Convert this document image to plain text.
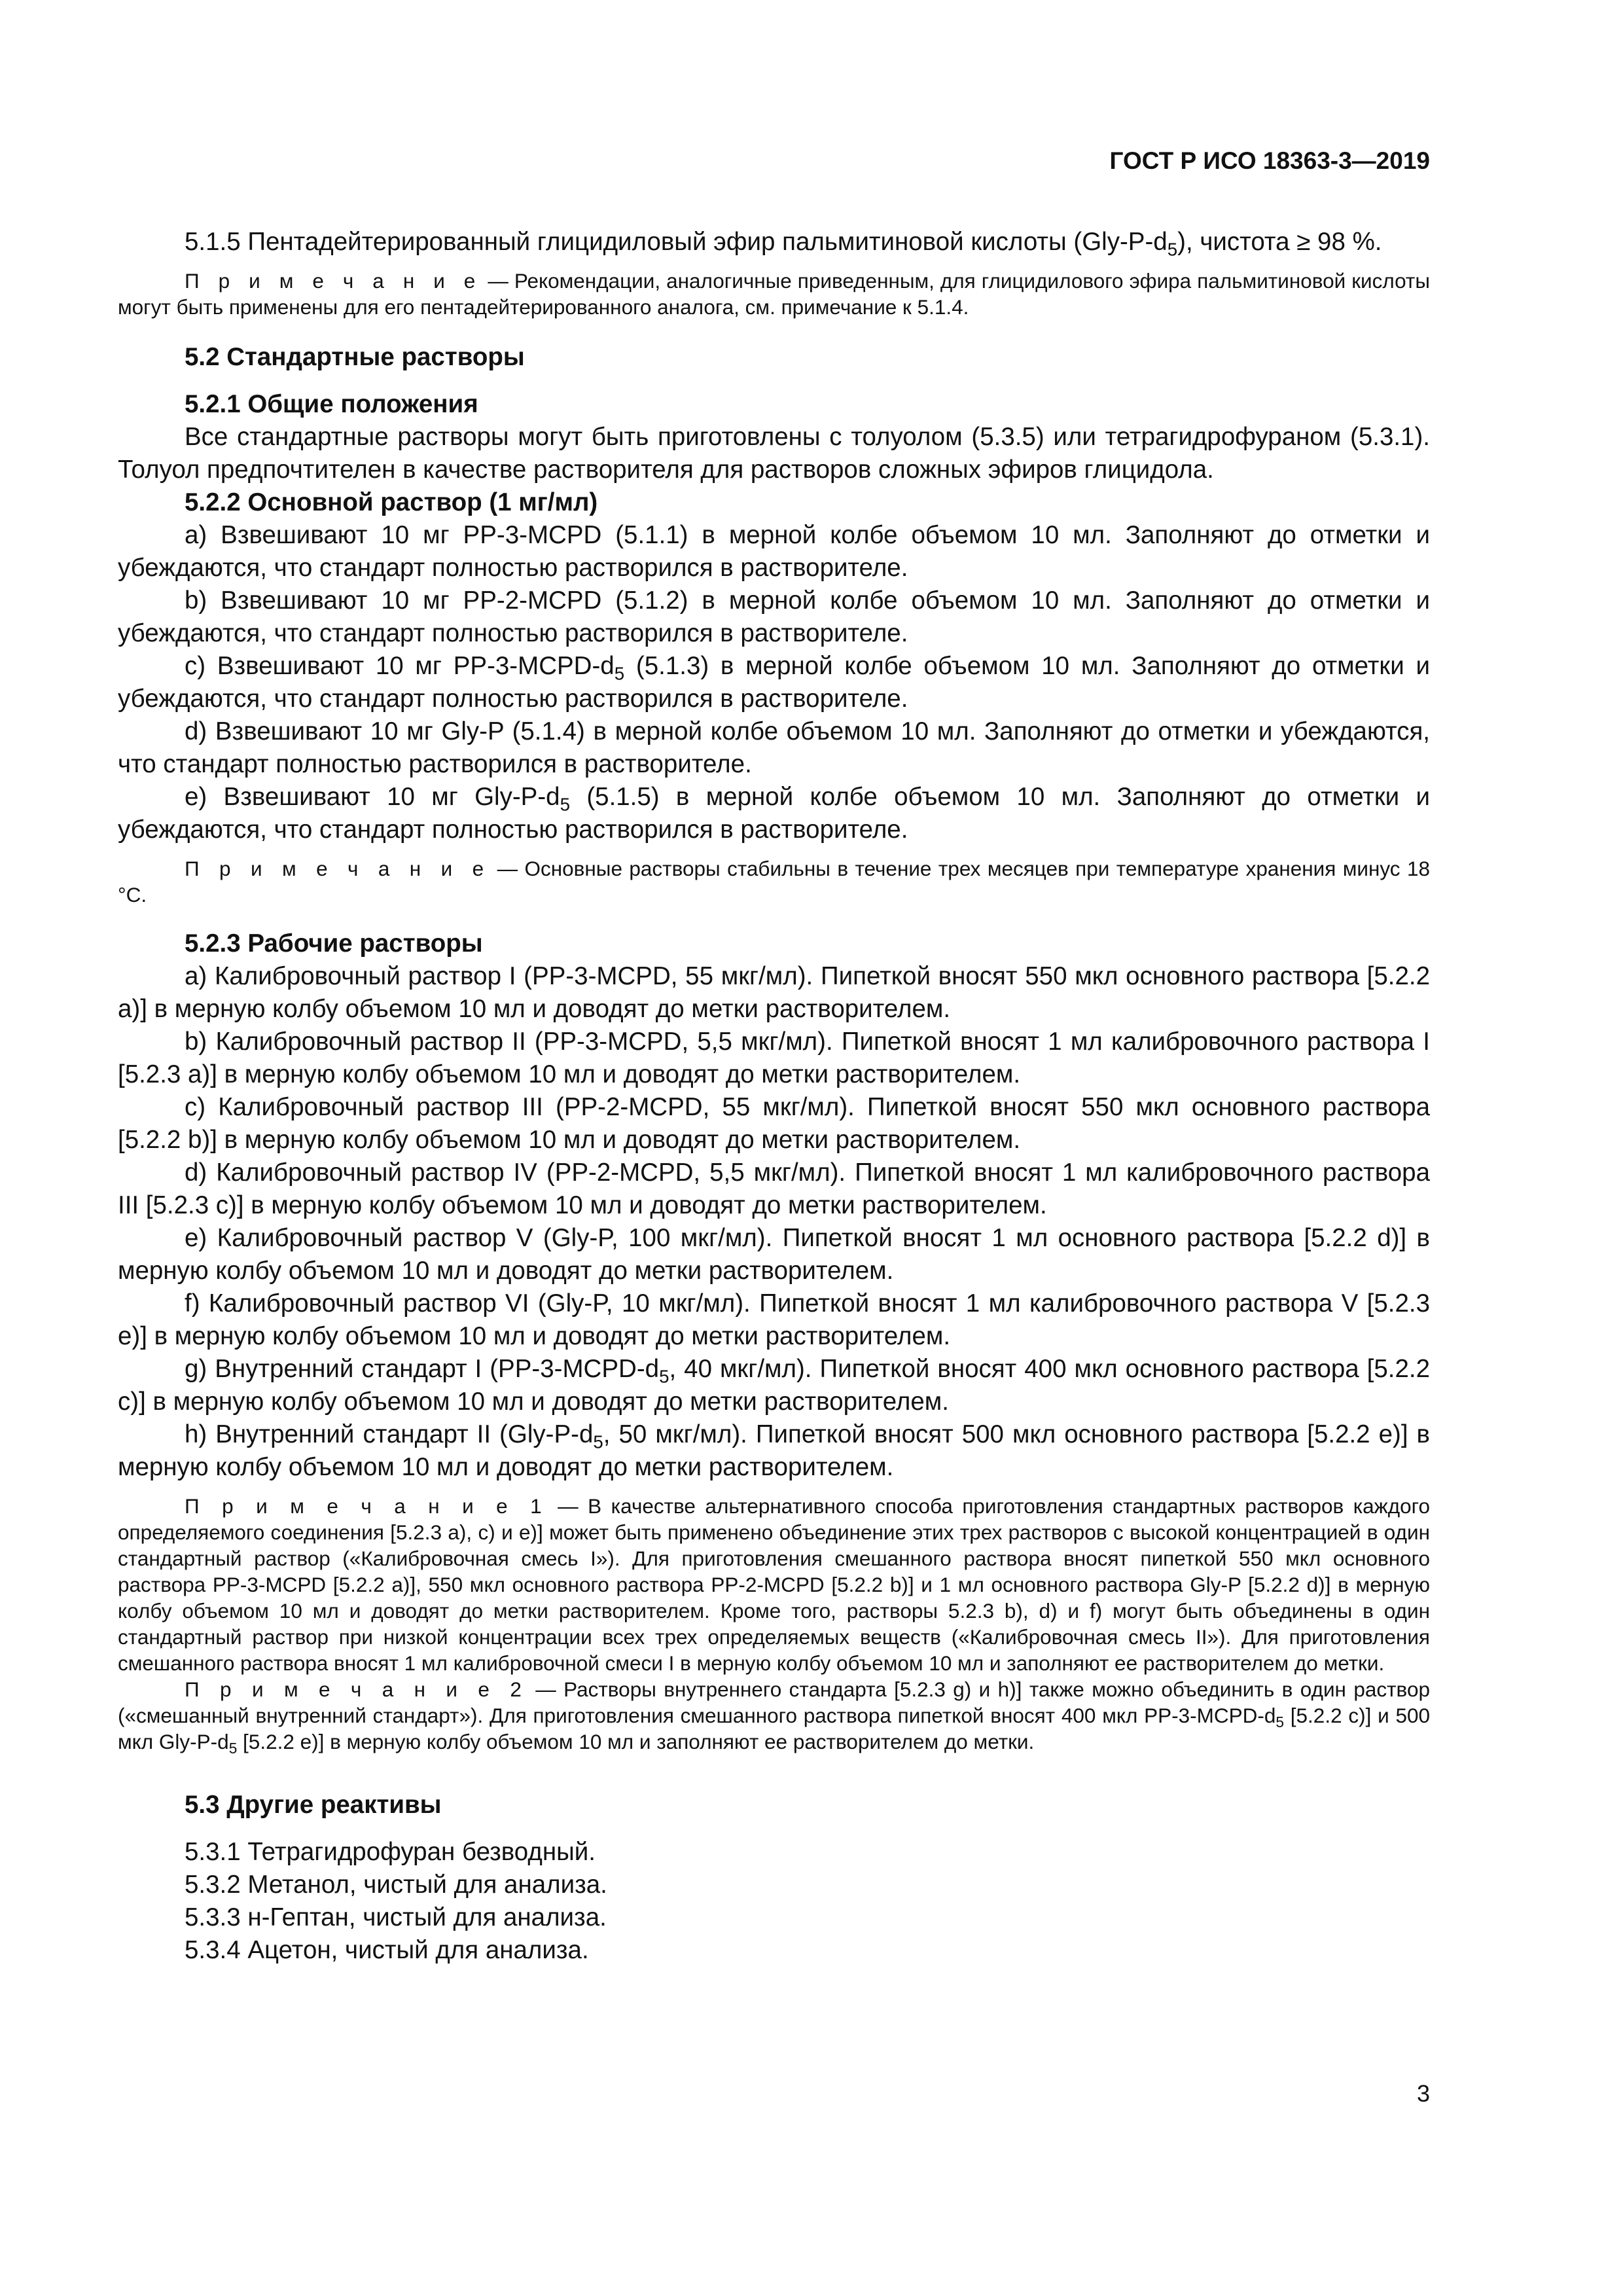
ГОСТ Р ИСО 18363-3—2019

5.1.5 Пентадейтерированный глицидиловый эфир пальмитиновой кислоты $(Gly-P-d_5)$, чистота ≥ 98 %.

П р и м е ч а н и е — Рекомендации, аналогичные приведенным, для глицидилового эфира пальмитиновой кислоты могут быть применены для его пентадейтерированного аналога, см. примечание к 5.1.4.

5.2 Стандартные растворы

5.2.1 Общие положения

Все стандартные растворы могут быть приготовлены с толуолом (5.3.5) или тетрагидрофураном (5.3.1). Толуол предпочтителен в качестве растворителя для растворов сложных эфиров глицидола.

5.2.2 Основной раствор (1 мг/мл)

a) Взвешивают 10 мг PP-3-MCPD (5.1.1) в мерной колбе объемом 10 мл. Заполняют до отметки и убеждаются, что стандарт полностью растворился в растворителе.

b) Взвешивают 10 мг PP-2-MCPD (5.1.2) в мерной колбе объемом 10 мл. Заполняют до отметки и убеждаются, что стандарт полностью растворился в растворителе.

c) Взвешивают 10 мг $PP-3-MCPD-d_5$ (5.1.3) в мерной колбе объемом 10 мл. Заполняют до отметки и убеждаются, что стандарт полностью растворился в растворителе.

d) Взвешивают 10 мг Gly-P (5.1.4) в мерной колбе объемом 10 мл. Заполняют до отметки и убеждаются, что стандарт полностью растворился в растворителе.

e) Взвешивают 10 мг Gly-$P-d_5$ (5.1.5) в мерной колбе объемом 10 мл. Заполняют до отметки и убеждаются, что стандарт полностью растворился в растворителе.

П р и м е ч а н и е — Основные растворы стабильны в течение трех месяцев при температуре хранения минус 18 °C.

5.2.3 Рабочие растворы

a) Калибровочный раствор I (PP-3-MCPD, 55 мкг/мл). Пипеткой вносят 550 мкл основного раствора [5.2.2 a)] в мерную колбу объемом 10 мл и доводят до метки растворителем.

b) Калибровочный раствор II (PP-3-MCPD, 5,5 мкг/мл). Пипеткой вносят 1 мл калибровочного раствора I [5.2.3 a)] в мерную колбу объемом 10 мл и доводят до метки растворителем.

c) Калибровочный раствор III (PP-2-MCPD, 55 мкг/мл). Пипеткой вносят 550 мкл основного раствора [5.2.2 b)] в мерную колбу объемом 10 мл и доводят до метки растворителем.

d) Калибровочный раствор IV (PP-2-MCPD, 5,5 мкг/мл). Пипеткой вносят 1 мл калибровочного раствора III [5.2.3 c)] в мерную колбу объемом 10 мл и доводят до метки растворителем.

e) Калибровочный раствор V (Gly-P, 100 мкг/мл). Пипеткой вносят 1 мл основного раствора [5.2.2 d)] в мерную колбу объемом 10 мл и доводят до метки растворителем.

f) Калибровочный раствор VI (Gly-P, 10 мкг/мл). Пипеткой вносят 1 мл калибровочного раствора V [5.2.3 e)] в мерную колбу объемом 10 мл и доводят до метки растворителем.

g) Внутренний стандарт I ($PP-3-MCPD-d_5$, 40 мкг/мл). Пипеткой вносят 400 мкл основного раствора [5.2.2 c)] в мерную колбу объемом 10 мл и доводят до метки растворителем.

h) Внутренний стандарт II ($Gly-P-d_5$, 50 мкг/мл). Пипеткой вносят 500 мкл основного раствора [5.2.2 e)] в мерную колбу объемом 10 мл и доводят до метки растворителем.

П р и м е ч а н и е 1 — В качестве альтернативного способа приготовления стандартных растворов каждого определяемого соединения [5.2.3 a), c) и e)] может быть применено объединение этих трех растворов с высокой концентрацией в один стандартный раствор («Калибровочная смесь I»). Для приготовления смешанного раствора вносят пипеткой 550 мкл основного раствора PP-3-MCPD [5.2.2 a)], 550 мкл основного раствора PP-2-MCPD [5.2.2 b)] и 1 мл основного раствора Gly-P [5.2.2 d)] в мерную колбу объемом 10 мл и доводят до метки растворителем. Кроме того, растворы 5.2.3 b), d) и f) могут быть объединены в один стандартный раствор при низкой концентрации всех трех определяемых веществ («Калибровочная смесь II»). Для приготовления смешанного раствора вносят 1 мл калибровочной смеси I в мерную колбу объемом 10 мл и заполняют ее растворителем до метки.

П р и м е ч а н и е 2 — Растворы внутреннего стандарта [5.2.3 g) и h)] также можно объединить в один раствор («смешанный внутренний стандарт»). Для приготовления смешанного раствора пипеткой вносят 400 мкл $PP-3-MCPD-d_5$ [5.2.2 c)] и 500 мкл Gly-$P-d_5$ [5.2.2 e)] в мерную колбу объемом 10 мл и заполняют ее растворителем до метки.

5.3 Другие реактивы

5.3.1 Тетрагидрофуран безводный.

5.3.2 Метанол, чистый для анализа.

5.3.3 н-Гептан, чистый для анализа.

5.3.4 Ацетон, чистый для анализа.

3
